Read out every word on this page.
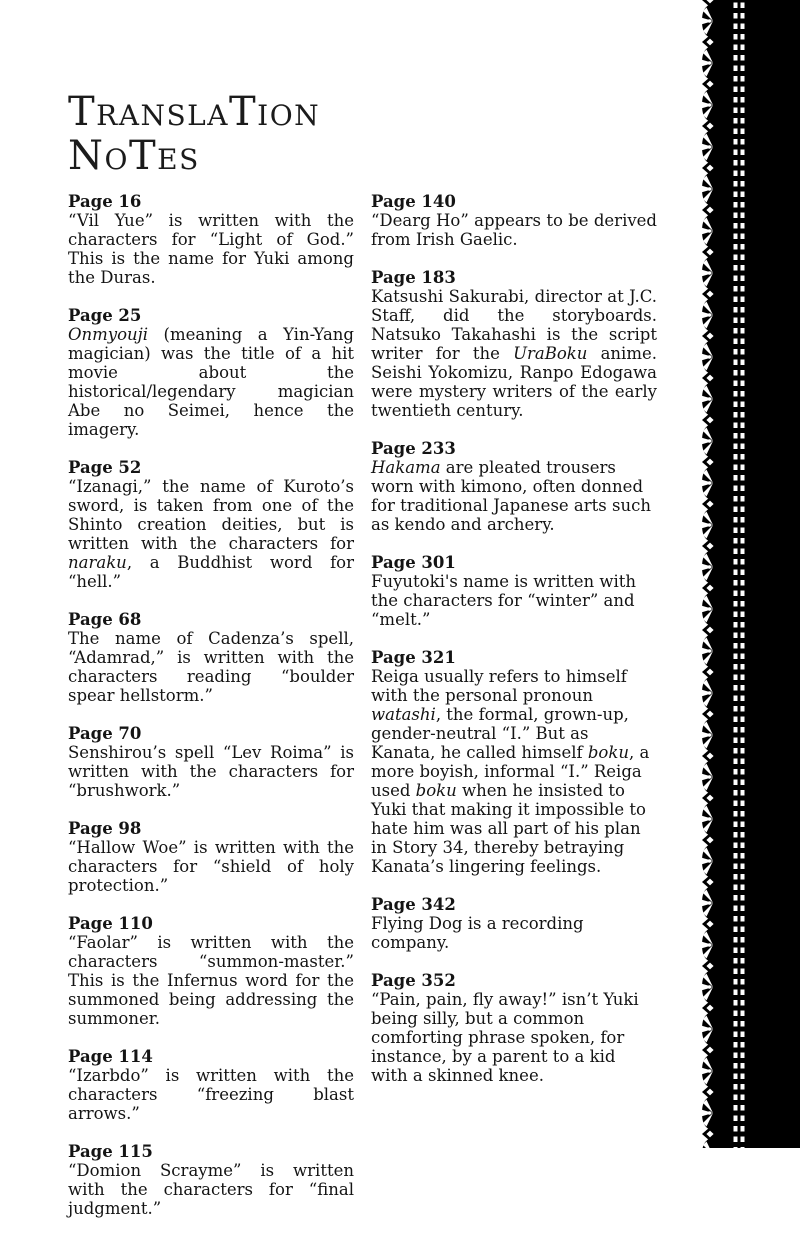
TranslaTion
NoTes
Page 16

“Vil Yue” is written with the characters for “Light of God.” This is the name for Yuki among the Duras.

Page 25

Onmyouji (meaning a Yin-Yang magician) was the title of a hit movie about the historical/legendary magician Abe no Seimei, hence the imagery.

Page 52

“Izanagi,” the name of Kuroto’s sword, is taken from one of the Shinto creation deities, but is written with the characters for naraku, a Buddhist word for “hell.”

Page 68

The name of Cadenza’s spell, “Adamrad,” is written with the characters reading “boulder spear hellstorm.”

Page 70

Senshirou’s spell “Lev Roima” is written with the characters for “brushwork.”

Page 98

“Hallow Woe” is written with the characters for “shield of holy protection.”

Page 110

“Faolar” is written with the characters “summon-master.” This is the Infernus word for the summoned being addressing the summoner.

Page 114

“Izarbdo” is written with the characters “freezing blast arrows.”

Page 115

“Domion Scrayme” is written with the characters for “final judgment.”

Page 140

“Dearg Ho” appears to be derived from Irish Gaelic.

Page 183

Katsushi Sakurabi, director at J.C. Staff, did the storyboards. Natsuko Takahashi is the script writer for the UraBoku anime. Seishi Yokomizu, Ranpo Edogawa were mystery writers of the early twentieth century.

Page 233

Hakama are pleated trousers worn with kimono, often donned for traditional Japanese arts such as kendo and archery.

Page 301

Fuyutoki's name is written with the characters for “winter” and “melt.”

Page 321

Reiga usually refers to himself with the personal pronoun watashi, the formal, grown-up, gender-neutral “I.” But as Kanata, he called himself boku, a more boyish, informal “I.” Reiga used boku when he insisted to Yuki that making it impossible to hate him was all part of his plan in Story 34, thereby betraying Kanata’s lingering feelings.

Page 342

Flying Dog is a recording company.

Page 352

“Pain, pain, fly away!” isn’t Yuki being silly, but a common comforting phrase spoken, for instance, by a parent to a kid with a skinned knee.
